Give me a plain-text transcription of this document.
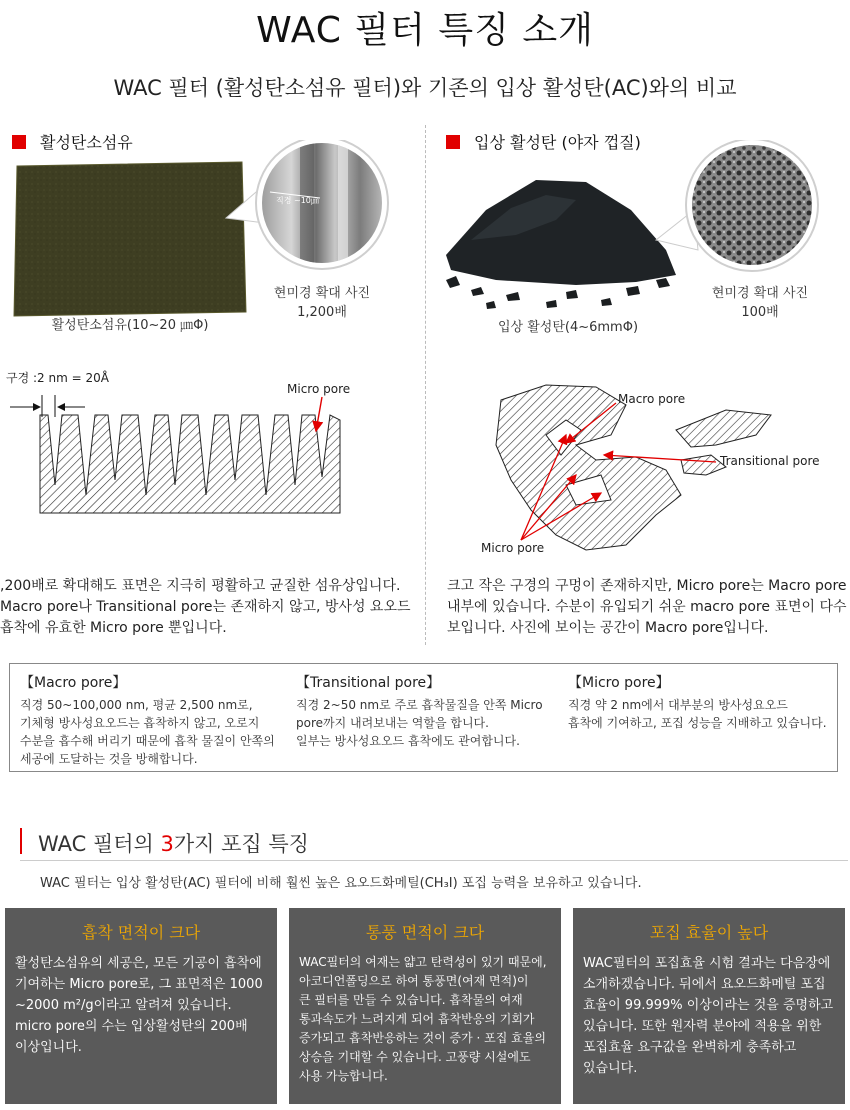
WAC 필터 특징 소개
WAC 필터 (활성탄소섬유 필터)와 기존의 입상 활성탄(AC)와의 비교
활성탄소섬유	입상 활성탄 (야자 껍질)
직경 ~10㎛
활성탄소섬유(10~20 ㎛Φ)
현미경 확대 사진
1,200배
입상 활성탄(4~6mmΦ)
현미경 확대 사진
100배
구경 :2 nm = 20Å
Micro pore
Macro pore
Transitional pore
Micro pore
,200배로 확대해도 표면은 지극히 평활하고 균질한 섬유상입니다.
Macro pore나 Transitional pore는 존재하지 않고, 방사성 요오드
흡착에 유효한 Micro pore 뿐입니다.
크고 작은 구경의 구멍이 존재하지만, Micro pore는 Macro pore
내부에 있습니다. 수분이 유입되기 쉬운 macro pore 표면이 다수
보입니다. 사진에 보이는 공간이 Macro pore입니다.
【Macro pore】
직경 50~100,000 nm, 평균 2,500 nm로,
기체형 방사성요오드는 흡착하지 않고, 오로지
수분을 흡수해 버리기 때문에 흡착 물질이 안쪽의
세공에 도달하는 것을 방해합니다.
【Transitional pore】
직경 2~50 nm로 주로 흡착물질을 안쪽 Micro
pore까지 내려보내는 역할을 합니다.
일부는 방사성요오드 흡착에도 관여합니다.
【Micro pore】
직경 약 2 nm에서 대부분의 방사성요오드
흡착에 기여하고, 포집 성능을 지배하고 있습니다.
WAC 필터의 3가지 포집 특징
WAC 필터는 입상 활성탄(AC) 필터에 비해 훨씬 높은 요오드화메틸(CH₃I) 포집 능력을 보유하고 있습니다.
흡착 면적이 크다
활성탄소섬유의 세공은, 모든 기공이 흡착에
기여하는 Micro pore로, 그 표면적은 1000
~2000 m²/g이라고 알려져 있습니다.
micro pore의 수는 입상활성탄의 200배
이상입니다.
통풍 면적이 크다
WAC필터의 여재는 얇고 탄력성이 있기 때문에,
아코디언폴딩으로 하여 통풍면(여재 면적)이
큰 필터를 만들 수 있습니다. 흡착물의 여재
통과속도가 느려지게 되어 흡착반응의 기회가
증가되고 흡착반응하는 것이 증가 · 포집 효율의
상승을 기대할 수 있습니다. 고풍량 시설에도
사용 가능합니다.
포집 효율이 높다
WAC필터의 포집효율 시험 결과는 다음장에
소개하겠습니다. 뒤에서 요오드화메틸 포집
효율이 99.999% 이상이라는 것을 증명하고
있습니다. 또한 원자력 분야에 적용을 위한
포집효율 요구값을 완벽하게 충족하고
있습니다.
